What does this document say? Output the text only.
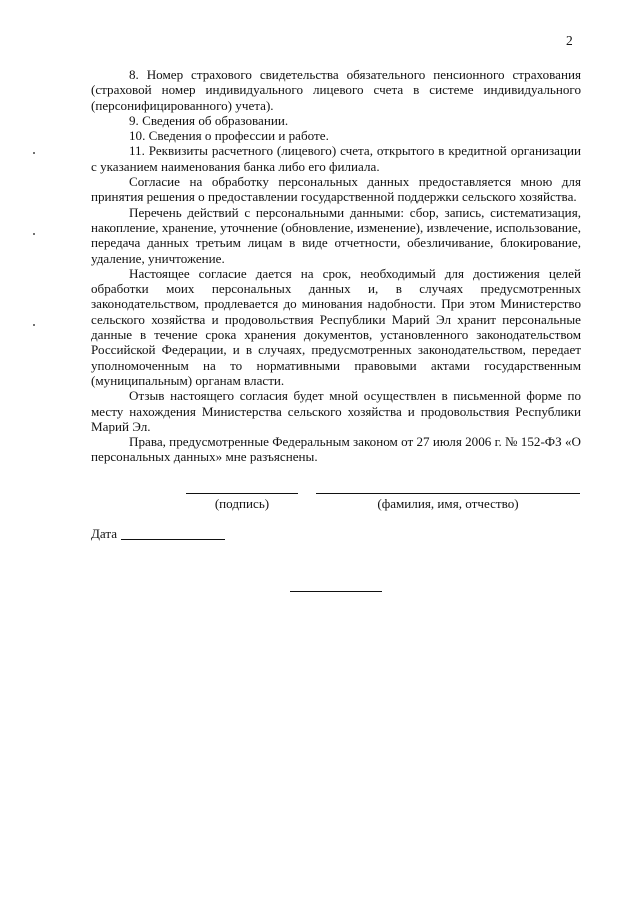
2

8. Номер страхового свидетельства обязательного пенсионного страхования (страховой номер индивидуального лицевого счета в системе индивидуального (персонифицированного) учета).

9. Сведения об образовании.

10. Сведения о профессии и работе.

11. Реквизиты расчетного (лицевого) счета, открытого в кредитной организации с указанием наименования банка либо его филиала.

Согласие на обработку персональных данных предоставляется мною для принятия решения о предоставлении государственной поддержки сельского хозяйства.

Перечень действий с персональными данными: сбор, запись, систематизация, накопление, хранение, уточнение (обновление, изменение), извлечение, использование, передача данных третьим лицам в виде отчетности, обезличивание, блокирование, удаление, уничтожение.

Настоящее согласие дается на срок, необходимый для достижения целей обработки моих персональных данных и, в случаях предусмотренных законодательством, продлевается до минования надобности. При этом Министерство сельского хозяйства и продовольствия Республики Марий Эл хранит персональные данные в течение срока хранения документов, установленного законодательством Российской Федерации, и в случаях, предусмотренных законодательством, передает уполномоченным на то нормативными правовыми актами государственным (муниципальным) органам власти.

Отзыв настоящего согласия будет мной осуществлен в письменной форме по месту нахождения Министерства сельского хозяйства и продовольствия Республики Марий Эл.

Права, предусмотренные Федеральным законом от 27 июля 2006 г. № 152-ФЗ «О персональных данных» мне разъяснены.

(подпись)	(фамилия, имя, отчество)
Дата
